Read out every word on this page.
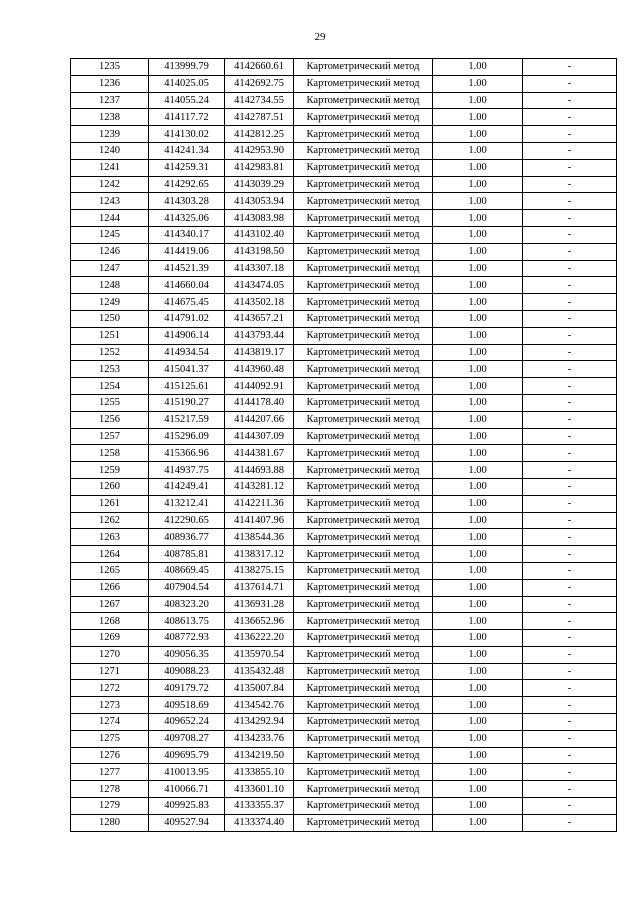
29
1235	413999.79	4142660.61	Картометрический метод	1.00	-
1236	414025.05	4142692.75	Картометрический метод	1.00	-
1237	414055.24	4142734.55	Картометрический метод	1.00	-
1238	414117.72	4142787.51	Картометрический метод	1.00	-
1239	414130.02	4142812.25	Картометрический метод	1.00	-
1240	414241.34	4142953.90	Картометрический метод	1.00	-
1241	414259.31	4142983.81	Картометрический метод	1.00	-
1242	414292.65	4143039.29	Картометрический метод	1.00	-
1243	414303.28	4143053.94	Картометрический метод	1.00	-
1244	414325.06	4143083.98	Картометрический метод	1.00	-
1245	414340.17	4143102.40	Картометрический метод	1.00	-
1246	414419.06	4143198.50	Картометрический метод	1.00	-
1247	414521.39	4143307.18	Картометрический метод	1.00	-
1248	414660.04	4143474.05	Картометрический метод	1.00	-
1249	414675.45	4143502.18	Картометрический метод	1.00	-
1250	414791.02	4143657.21	Картометрический метод	1.00	-
1251	414906.14	4143793.44	Картометрический метод	1.00	-
1252	414934.54	4143819.17	Картометрический метод	1.00	-
1253	415041.37	4143960.48	Картометрический метод	1.00	-
1254	415125.61	4144092.91	Картометрический метод	1.00	-
1255	415190.27	4144178.40	Картометрический метод	1.00	-
1256	415217.59	4144207.66	Картометрический метод	1.00	-
1257	415296.09	4144307.09	Картометрический метод	1.00	-
1258	415366.96	4144381.67	Картометрический метод	1.00	-
1259	414937.75	4144693.88	Картометрический метод	1.00	-
1260	414249.41	4143281.12	Картометрический метод	1.00	-
1261	413212.41	4142211.36	Картометрический метод	1.00	-
1262	412290.65	4141407.96	Картометрический метод	1.00	-
1263	408936.77	4138544.36	Картометрический метод	1.00	-
1264	408785.81	4138317.12	Картометрический метод	1.00	-
1265	408669.45	4138275.15	Картометрический метод	1.00	-
1266	407904.54	4137614.71	Картометрический метод	1.00	-
1267	408323.20	4136931.28	Картометрический метод	1.00	-
1268	408613.75	4136652.96	Картометрический метод	1.00	-
1269	408772.93	4136222.20	Картометрический метод	1.00	-
1270	409056.35	4135970.54	Картометрический метод	1.00	-
1271	409088.23	4135432.48	Картометрический метод	1.00	-
1272	409179.72	4135007.84	Картометрический метод	1.00	-
1273	409518.69	4134542.76	Картометрический метод	1.00	-
1274	409652.24	4134292.94	Картометрический метод	1.00	-
1275	409708.27	4134233.76	Картометрический метод	1.00	-
1276	409695.79	4134219.50	Картометрический метод	1.00	-
1277	410013.95	4133855.10	Картометрический метод	1.00	-
1278	410066.71	4133601.10	Картометрический метод	1.00	-
1279	409925.83	4133355.37	Картометрический метод	1.00	-
1280	409527.94	4133374.40	Картометрический метод	1.00	-
